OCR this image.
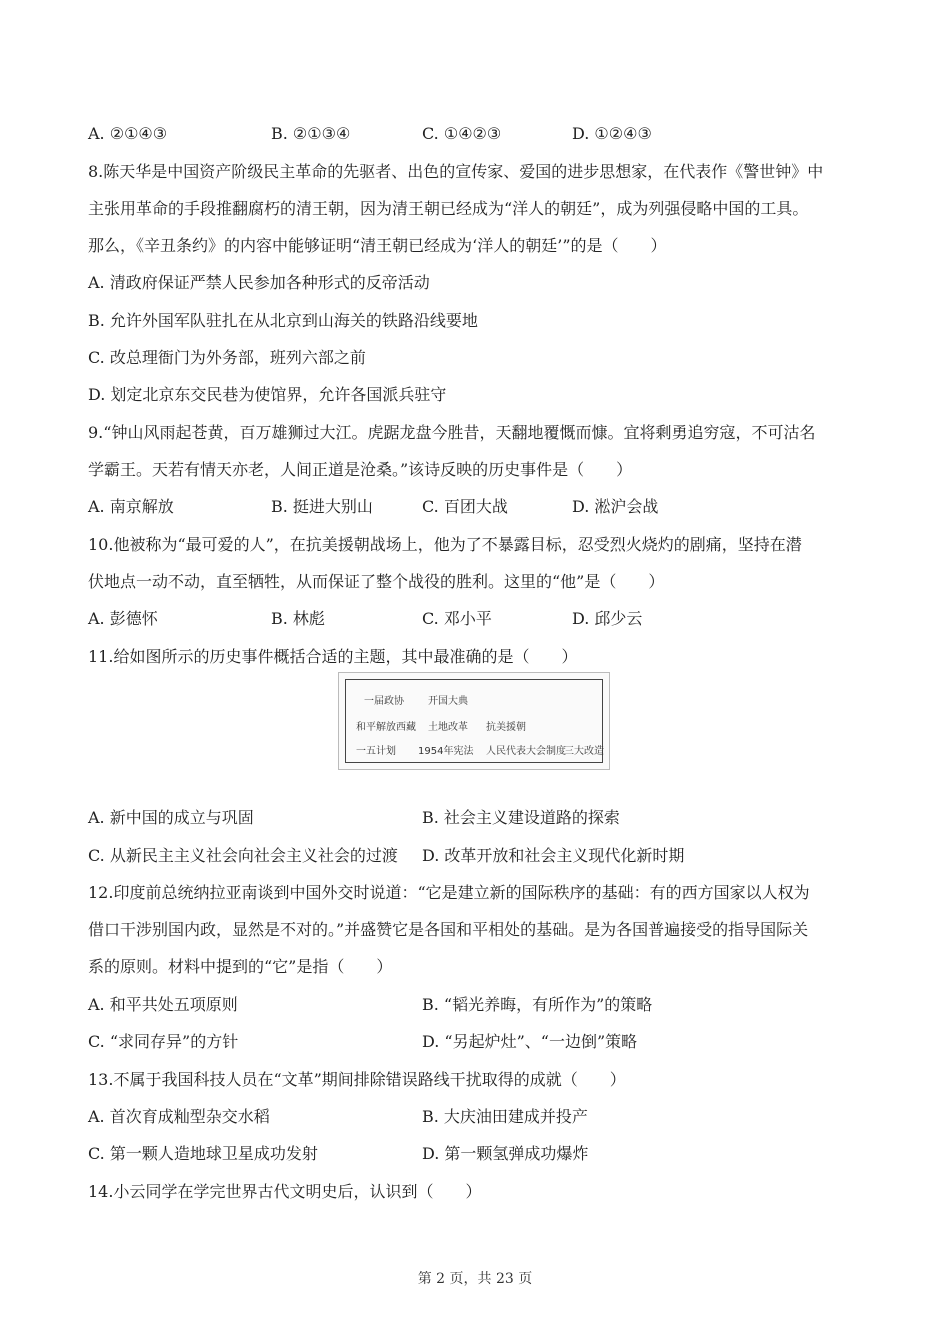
A. ②①④③	B. ②①③④	C. ①④②③	D. ①②④③
8.陈天华是中国资产阶级民主革命的先驱者、出色的宣传家、爱国的进步思想家，在代表作《警世钟》中
主张用革命的手段推翻腐朽的清王朝，因为清王朝已经成为“洋人的朝廷”，成为列强侵略中国的工具。
那么，《辛丑条约》的内容中能够证明“清王朝已经成为‘洋人的朝廷’”的是（　　）
A. 清政府保证严禁人民参加各种形式的反帝活动
B. 允许外国军队驻扎在从北京到山海关的铁路沿线要地
C. 改总理衙门为外务部，班列六部之前
D. 划定北京东交民巷为使馆界，允许各国派兵驻守
9.“钟山风雨起苍黄，百万雄狮过大江。虎踞龙盘今胜昔，天翻地覆慨而慷。宜将剩勇追穷寇，不可沽名
学霸王。天若有情天亦老，人间正道是沧桑。”该诗反映的历史事件是（　　）
A. 南京解放	B. 挺进大别山	C. 百团大战	D. 淞沪会战
10.他被称为“最可爱的人”，在抗美援朝战场上，他为了不暴露目标，忍受烈火烧灼的剧痛，坚持在潜
伏地点一动不动，直至牺牲，从而保证了整个战役的胜利。这里的“他”是（　　）
A. 彭德怀	B. 林彪	C. 邓小平	D. 邱少云
11.给如图所示的历史事件概括合适的主题，其中最准确的是（　　）
一届政协 开国大典
和平解放西藏 土地改革 抗美援朝
一五计划 1954年宪法 人民代表大会制度
三大改造
A. 新中国的成立与巩固	B. 社会主义建设道路的探索
C. 从新民主主义社会向社会主义社会的过渡 D. 改革开放和社会主义现代化新时期
12.印度前总统纳拉亚南谈到中国外交时说道：“它是建立新的国际秩序的基础：有的西方国家以人权为
借口干涉别国内政，显然是不对的。”并盛赞它是各国和平相处的基础。是为各国普遍接受的指导国际关
系的原则。材料中提到的“它”是指（　　）
A. 和平共处五项原则	B. “韬光养晦，有所作为”的策略
C. “求同存异”的方针	D. “另起炉灶”、“一边倒”策略
13.不属于我国科技人员在“文革”期间排除错误路线干扰取得的成就（　　）
A. 首次育成籼型杂交水稻	B. 大庆油田建成并投产
C. 第一颗人造地球卫星成功发射	D. 第一颗氢弹成功爆炸
14.小云同学在学完世界古代文明史后，认识到（　　）
第 2 页，共 23 页
